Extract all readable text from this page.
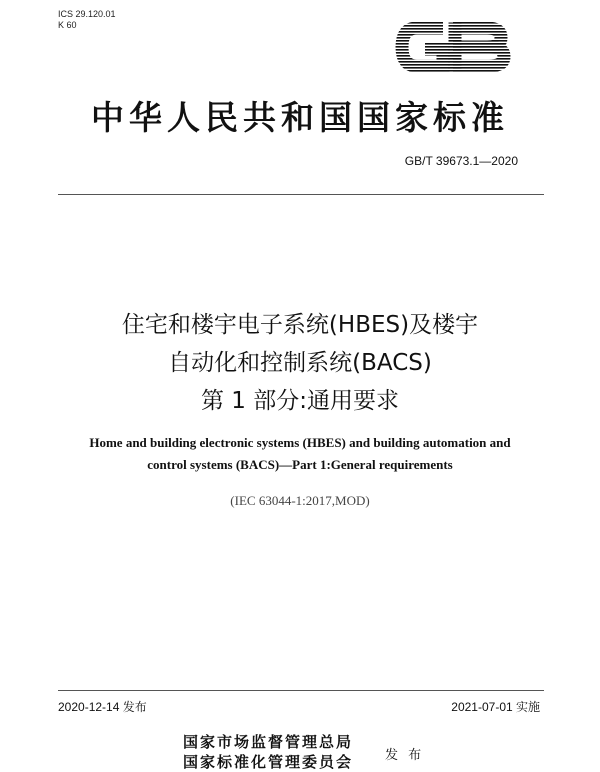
ICS 29.120.01
K 60
中华人民共和国国家标准
GB/T 39673.1—2020
住宅和楼宇电子系统(HBES)及楼宇
自动化和控制系统(BACS)
第 1 部分:通用要求
Home and building electronic systems (HBES) and building automation and
control systems (BACS)—Part 1:General requirements
(IEC 63044-1:2017,MOD)
2020-12-14 发布	2021-07-01 实施
国家市场监督管理总局
国家标准化管理委员会 发 布
